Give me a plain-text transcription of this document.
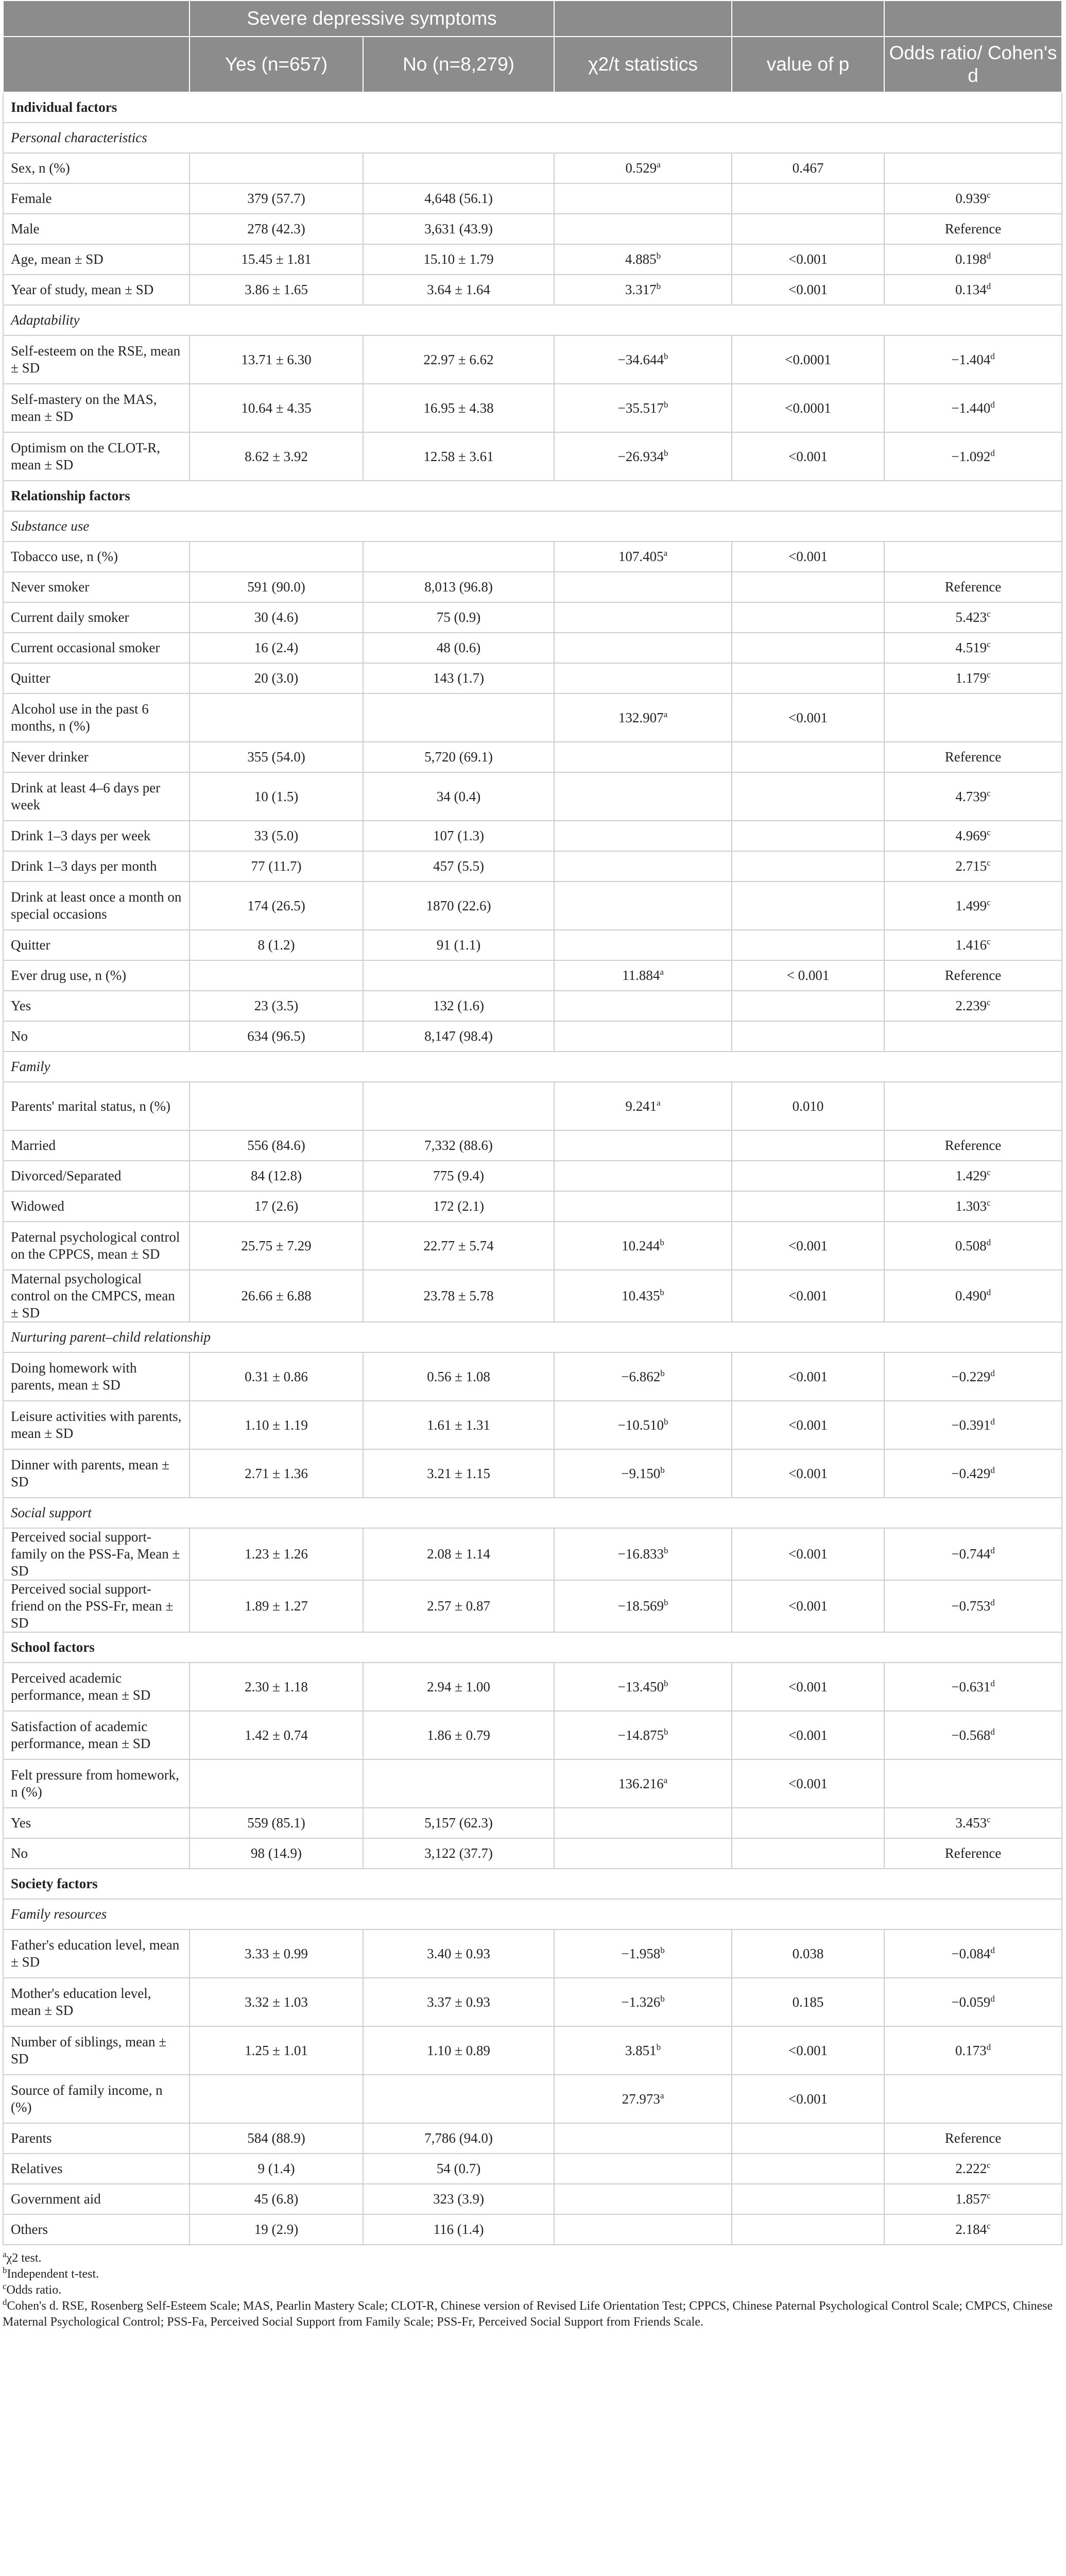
	Severe depressive symptoms				
	Yes (n=657)	No (n=8,279)	χ2/t statistics	value of p	Odds ratio/ Cohen's d
Individual factors					
Personal characteristics					
Sex, n (%)			0.529$^a$	0.467	
Female	379 (57.7)	4,648 (56.1)			0.939$^c$
Male	278 (42.3)	3,631 (43.9)			Reference
Age, mean ± SD	15.45 ± 1.81	15.10 ± 1.79	4.885$^b$	<0.001	0.198$^d$
Year of study, mean ± SD	3.86 ± 1.65	3.64 ± 1.64	3.317$^b$	<0.001	0.134$^d$
Adaptability					
Self-esteem on the RSE, mean ± SD	13.71 ± 6.30	22.97 ± 6.62	−34.644$^b$	<0.0001	−1.404$^d$
Self-mastery on the MAS, mean ± SD	10.64 ± 4.35	16.95 ± 4.38	−35.517$^b$	<0.0001	−1.440$^d$
Optimism on the CLOT-R, mean ± SD	8.62 ± 3.92	12.58 ± 3.61	−26.934$^b$	<0.001	−1.092$^d$
Relationship factors					
Substance use					
Tobacco use, n (%)			107.405$^a$	<0.001	
Never smoker	591 (90.0)	8,013 (96.8)			Reference
Current daily smoker	30 (4.6)	75 (0.9)			5.423$^c$
Current occasional smoker	16 (2.4)	48 (0.6)			4.519$^c$
Quitter	20 (3.0)	143 (1.7)			1.179$^c$
Alcohol use in the past 6 months, n (%)			132.907$^a$	<0.001	
Never drinker	355 (54.0)	5,720 (69.1)			Reference
Drink at least 4–6 days per week	10 (1.5)	34 (0.4)			4.739$^c$
Drink 1–3 days per week	33 (5.0)	107 (1.3)			4.969$^c$
Drink 1–3 days per month	77 (11.7)	457 (5.5)			2.715$^c$
Drink at least once a month on special occasions	174 (26.5)	1870 (22.6)			1.499$^c$
Quitter	8 (1.2)	91 (1.1)			1.416$^c$
Ever drug use, n (%)			11.884$^a$	< 0.001	Reference
Yes	23 (3.5)	132 (1.6)			2.239$^c$
No	634 (96.5)	8,147 (98.4)			
Family					
Parents' marital status, n (%)			9.241$^a$	0.010	
Married	556 (84.6)	7,332 (88.6)			Reference
Divorced/Separated	84 (12.8)	775 (9.4)			1.429$^c$
Widowed	17 (2.6)	172 (2.1)			1.303$^c$
Paternal psychological control on the CPPCS, mean ± SD	25.75 ± 7.29	22.77 ± 5.74	10.244$^b$	<0.001	0.508$^d$
Maternal psychological control on the CMPCS, mean ± SD	26.66 ± 6.88	23.78 ± 5.78	10.435$^b$	<0.001	0.490$^d$
Nurturing parent–child relationship					
Doing homework with parents, mean ± SD	0.31 ± 0.86	0.56 ± 1.08	−6.862$^b$	<0.001	−0.229$^d$
Leisure activities with parents, mean ± SD	1.10 ± 1.19	1.61 ± 1.31	−10.510$^b$	<0.001	−0.391$^d$
Dinner with parents, mean ± SD	2.71 ± 1.36	3.21 ± 1.15	−9.150$^b$	<0.001	−0.429$^d$
Social support					
Perceived social support-family on the PSS-Fa, Mean ± SD	1.23 ± 1.26	2.08 ± 1.14	−16.833$^b$	<0.001	−0.744$^d$
Perceived social support-friend on the PSS-Fr, mean ± SD	1.89 ± 1.27	2.57 ± 0.87	−18.569$^b$	<0.001	−0.753$^d$
School factors					
Perceived academic performance, mean ± SD	2.30 ± 1.18	2.94 ± 1.00	−13.450$^b$	<0.001	−0.631$^d$
Satisfaction of academic performance, mean ± SD	1.42 ± 0.74	1.86 ± 0.79	−14.875$^b$	<0.001	−0.568$^d$
Felt pressure from homework, n (%)			136.216$^a$	<0.001	
Yes	559 (85.1)	5,157 (62.3)			3.453$^c$
No	98 (14.9)	3,122 (37.7)			Reference
Society factors					
Family resources					
Father's education level, mean ± SD	3.33 ± 0.99	3.40 ± 0.93	−1.958$^b$	0.038	−0.084$^d$
Mother's education level, mean ± SD	3.32 ± 1.03	3.37 ± 0.93	−1.326$^b$	0.185	−0.059$^d$
Number of siblings, mean ± SD	1.25 ± 1.01	1.10 ± 0.89	3.851$^b$	<0.001	0.173$^d$
Source of family income, n (%)			27.973$^a$	<0.001	
Parents	584 (88.9)	7,786 (94.0)			Reference
Relatives	9 (1.4)	54 (0.7)			2.222$^c$
Government aid	45 (6.8)	323 (3.9)			1.857$^c$
Others	19 (2.9)	116 (1.4)			2.184$^c$

$^a$χ2 test.

$^b$Independent t-test.

$^c$Odds ratio.

$^d$Cohen's d. RSE, Rosenberg Self-Esteem Scale; MAS, Pearlin Mastery Scale; CLOT-R, Chinese version of Revised Life Orientation Test; CPPCS, Chinese Paternal Psychological Control Scale; CMPCS, Chinese Maternal Psychological Control; PSS-Fa, Perceived Social Support from Family Scale; PSS-Fr, Perceived Social Support from Friends Scale.
